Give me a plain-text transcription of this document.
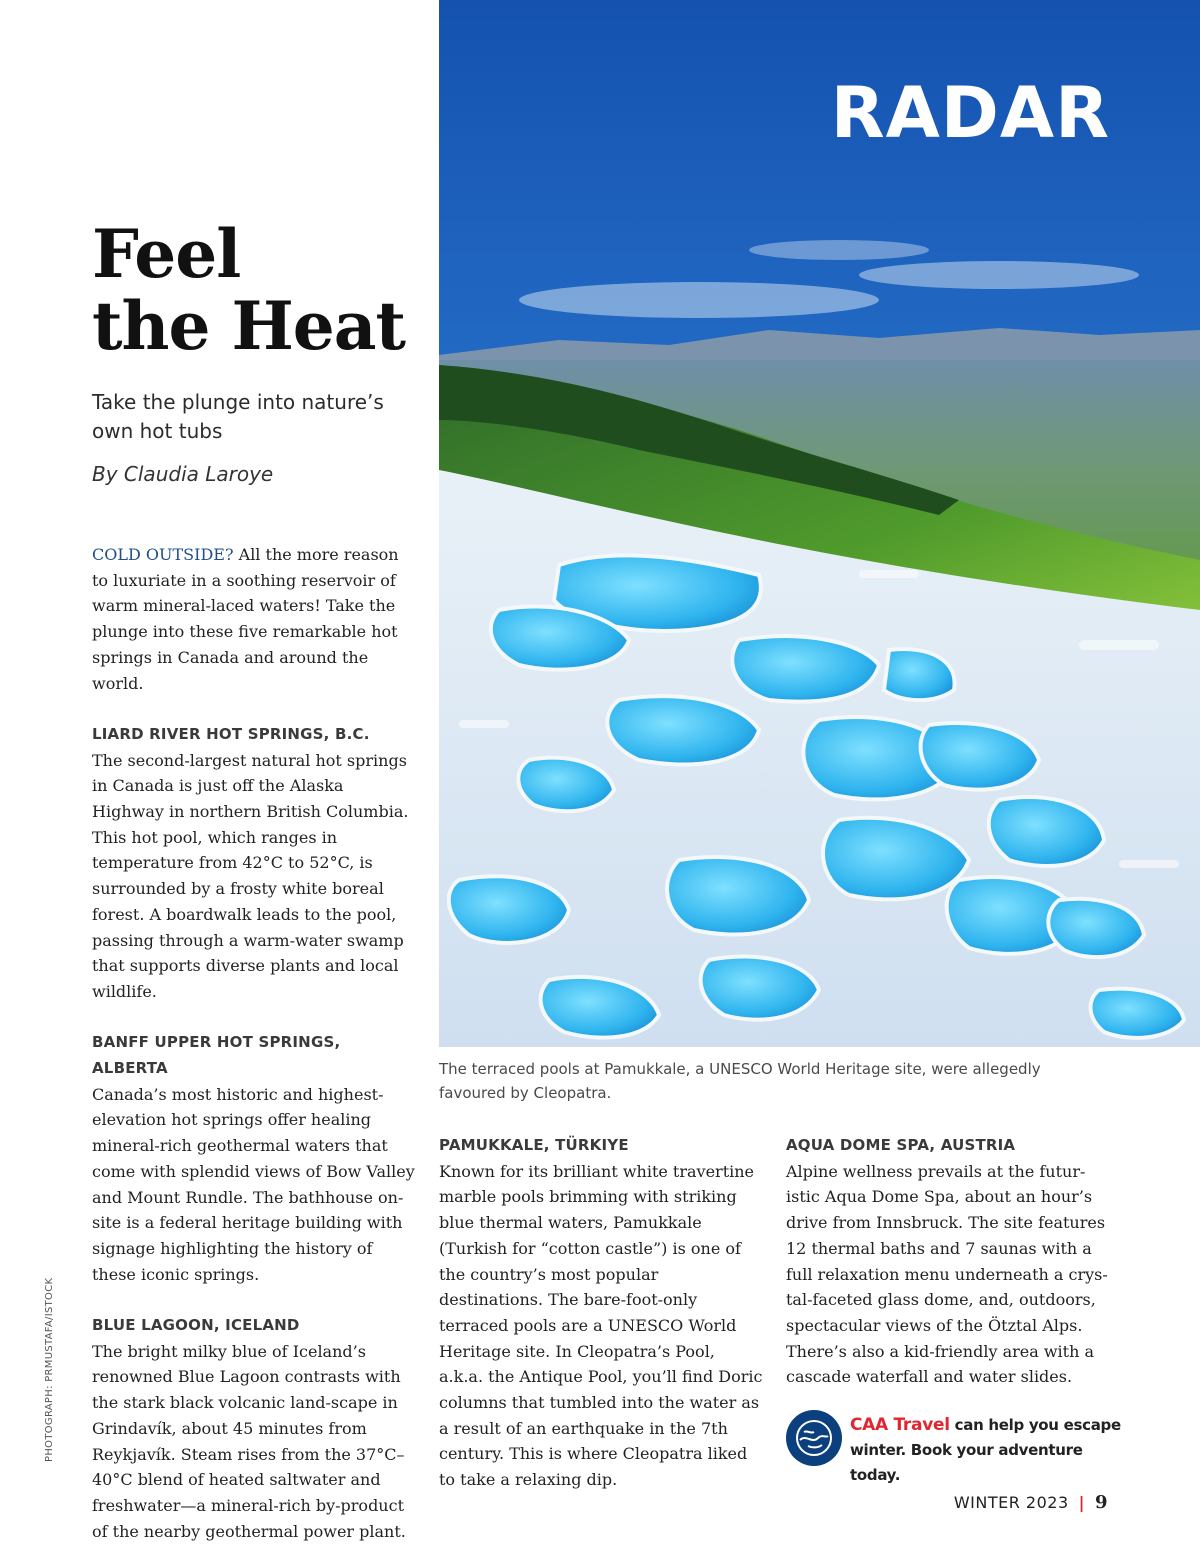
RADAR
The terraced pools at Pamukkale, a UNESCO World Heritage site, were allegedly favoured by Cleopatra.
Feel
the Heat

Take the plunge into nature’s own hot tubs

By Claudia Laroye

COLD OUTSIDE? All the more reason to luxuriate in a soothing reservoir of warm mineral-laced waters! Take the plunge into these five remarkable hot springs in Canada and around the world.

LIARD RIVER HOT SPRINGS, B.C.
The second-largest natural hot springs in Canada is just off the Alaska Highway in northern British Columbia. This hot pool, which ranges in temperature from 42°C to 52°C, is surrounded by a frosty white boreal forest. A boardwalk leads to the pool, passing through a warm-water swamp that supports diverse plants and local wildlife.

BANFF UPPER HOT SPRINGS, ALBERTA
Canada’s most historic and highest-elevation hot springs offer healing mineral-rich geothermal waters that come with splendid views of Bow Valley and Mount Rundle. The bathhouse on-site is a federal heritage building with signage highlighting the history of these iconic springs.

BLUE LAGOON, ICELAND
The bright milky blue of Iceland’s renowned Blue Lagoon contrasts with the stark black volcanic land-scape in Grindavík, about 45 minutes from Reykjavík. Steam rises from the 37°C–40°C blend of heated saltwater and freshwater—a mineral-rich by-product of the nearby geothermal power plant.

PHOTOGRAPH: PRMUSTAFA/ISTOCK

PAMUKKALE, TÜRKIYE
Known for its brilliant white travertine marble pools brimming with striking blue thermal waters, Pamukkale (Turkish for “cotton castle”) is one of the country’s most popular destinations. The bare-foot-only terraced pools are a UNESCO World Heritage site. In Cleopatra’s Pool, a.k.a. the Antique Pool, you’ll find Doric columns that tumbled into the water as a result of an earthquake in the 7th century. This is where Cleopatra liked to take a relaxing dip.

AQUA DOME SPA, AUSTRIA
Alpine wellness prevails at the futur-istic Aqua Dome Spa, about an hour’s drive from Innsbruck. The site features 12 thermal baths and 7 saunas with a full relaxation menu underneath a crys-tal-faceted glass dome, and, outdoors, spectacular views of the Ötztal Alps. There’s also a kid-friendly area with a cascade waterfall and water slides.

CAA Travel can help you escape winter. Book your adventure today.

WINTER 2023 | 9
